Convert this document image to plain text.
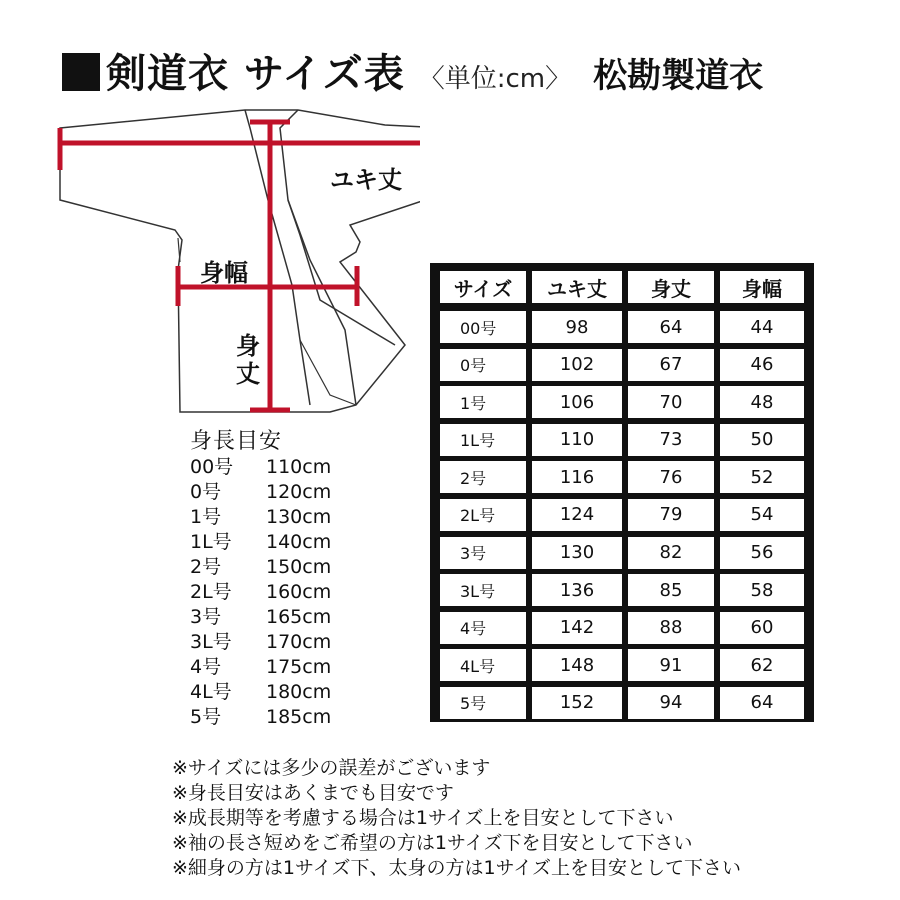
剣道衣 サイズ表 〈単位:cm〉 松勘製道衣
ユキ丈
身幅
身
丈
身長目安
00号	110cm
0号	120cm
1号	130cm
1L号	140cm
2号	150cm
2L号	160cm
3号	165cm
3L号	170cm
4号	175cm
4L号	180cm
5号	185cm
サイズ	ユキ丈	身丈	身幅
00号	98	64	44
0号	102	67	46
1号	106	70	48
1L号	110	73	50
2号	116	76	52
2L号	124	79	54
3号	130	82	56
3L号	136	85	58
4号	142	88	60
4L号	148	91	62
5号	152	94	64
※サイズには多少の誤差がございます
※身長目安はあくまでも目安です
※成長期等を考慮する場合は1サイズ上を目安として下さい
※袖の長さ短めをご希望の方は1サイズ下を目安として下さい
※細身の方は1サイズ下、太身の方は1サイズ上を目安として下さい
